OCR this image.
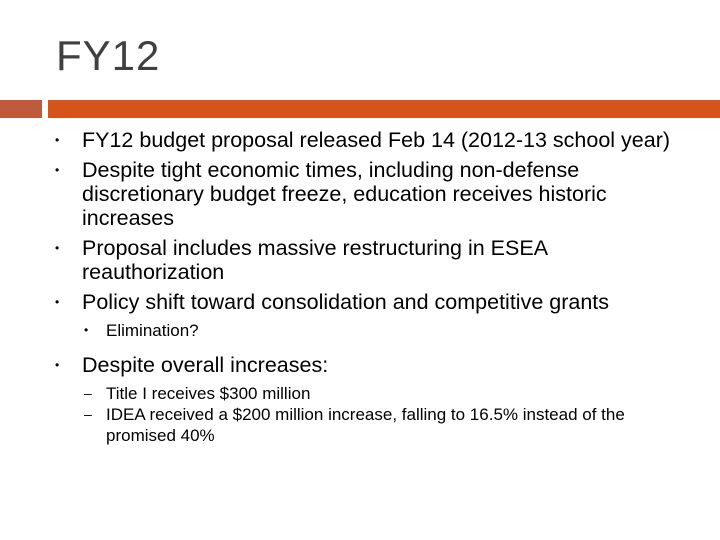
FY12
• FY12 budget proposal released Feb 14 (2012-13 school year)
• Despite tight economic times, including non-defense discretionary budget freeze, education receives historic increases
• Proposal includes massive restructuring in ESEA reauthorization
• Policy shift toward consolidation and competitive grants
• Elimination?
• Despite overall increases:
– Title I receives $300 million
– IDEA received a $200 million increase, falling to 16.5% instead of the promised 40%
